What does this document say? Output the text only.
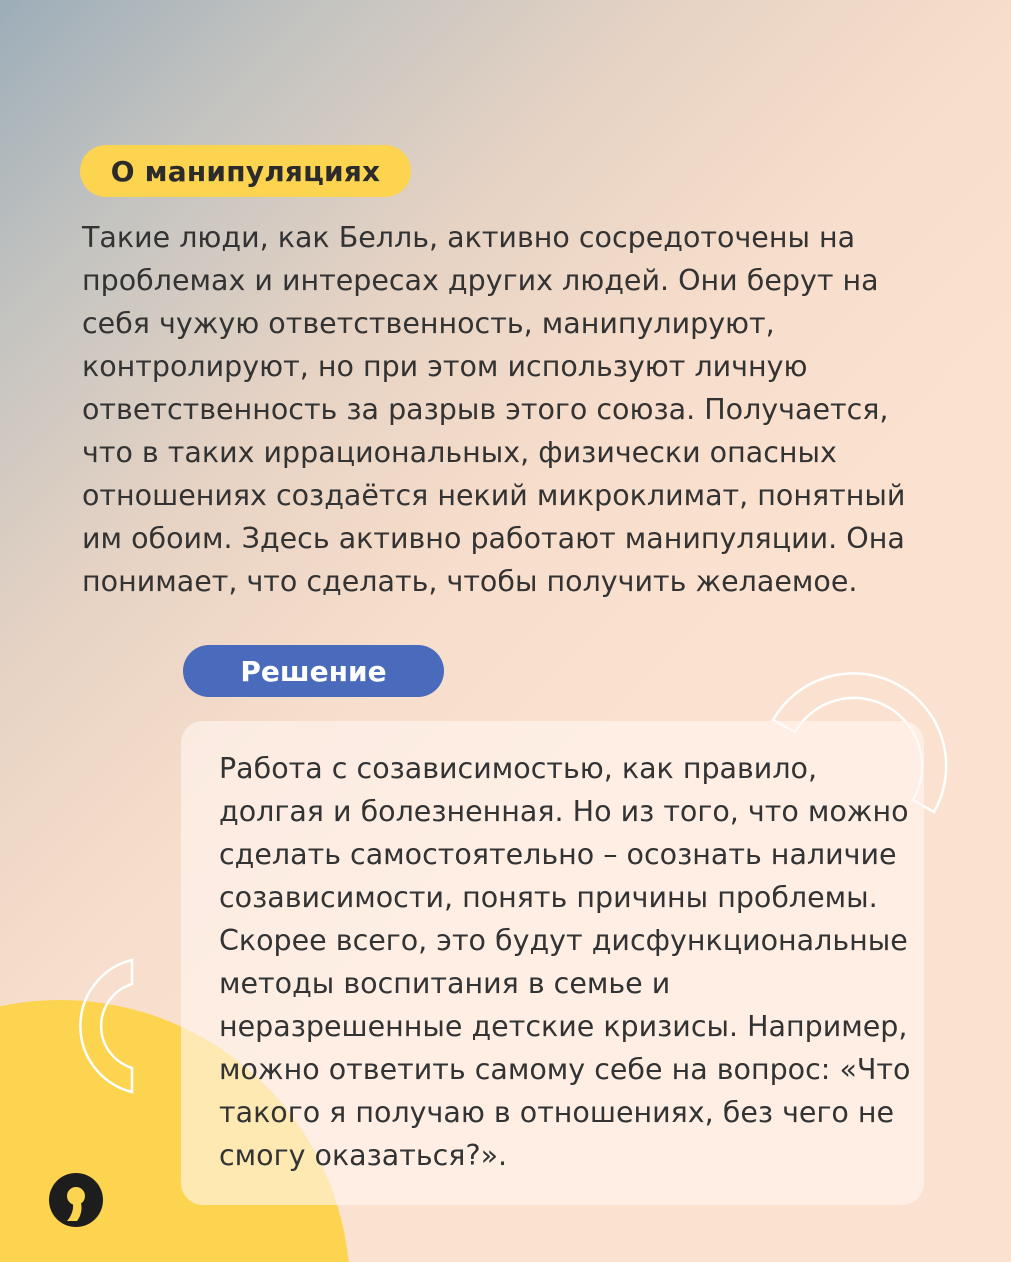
О манипуляциях

Такие люди, как Белль, активно сосредоточены на
проблемах и интересах других людей. Они берут на
себя чужую ответственность, манипулируют,
контролируют, но при этом используют личную
ответственность за разрыв этого союза. Получается,
что в таких иррациональных, физически опасных
отношениях создаётся некий микроклимат, понятный
им обоим. Здесь активно работают манипуляции. Она
понимает, что сделать, чтобы получить желаемое.

Решение

Работа с созависимостью, как правило,
долгая и болезненная. Но из того, что можно
сделать самостоятельно – осознать наличие
созависимости, понять причины проблемы.
Скорее всего, это будут дисфункциональные
методы воспитания в семье и
неразрешенные детские кризисы. Например,
можно ответить самому себе на вопрос: «Что
такого я получаю в отношениях, без чего не
смогу оказаться?».
